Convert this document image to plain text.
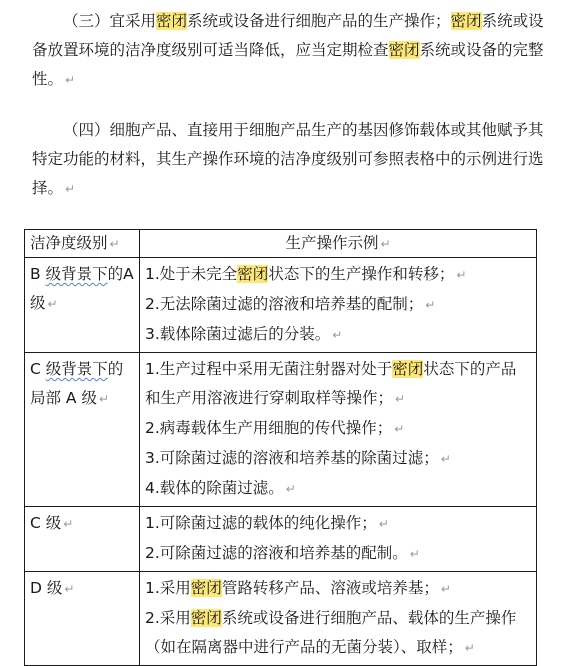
（三）宜采用密闭系统或设备进行细胞产品的生产操作；密闭系统或设备放置环境的洁净度级别可适当降低，应当定期检查密闭系统或设备的完整性。 ↵

（四）细胞产品、直接用于细胞产品生产的基因修饰载体或其他赋予其特定功能的材料，其生产操作环境的洁净度级别可参照表格中的示例进行选择。 ↵

洁净度级别 ↵	生产操作示例 ↵
B 级背景下的A级 ↵	1.处于未完全密闭状态下的生产操作和转移； ↵
2.无法除菌过滤的溶液和培养基的配制； ↵
3.载体除菌过滤后的分装。 ↵

C 级背景下的局部 A 级 ↵	1.生产过程中采用无菌注射器对处于密闭状态下的产品和生产用溶液进行穿刺取样等操作； ↵
2.病毒载体生产用细胞的传代操作； ↵
3.可除菌过滤的溶液和培养基的除菌过滤； ↵
4.载体的除菌过滤。 ↵

C 级 ↵	1.可除菌过滤的载体的纯化操作； ↵
2.可除菌过滤的溶液和培养基的配制。 ↵

D 级 ↵	1.采用密闭管路转移产品、溶液或培养基； ↵
2.采用密闭系统或设备进行细胞产品、载体的生产操作（如在隔离器中进行产品的无菌分装）、取样； ↵
